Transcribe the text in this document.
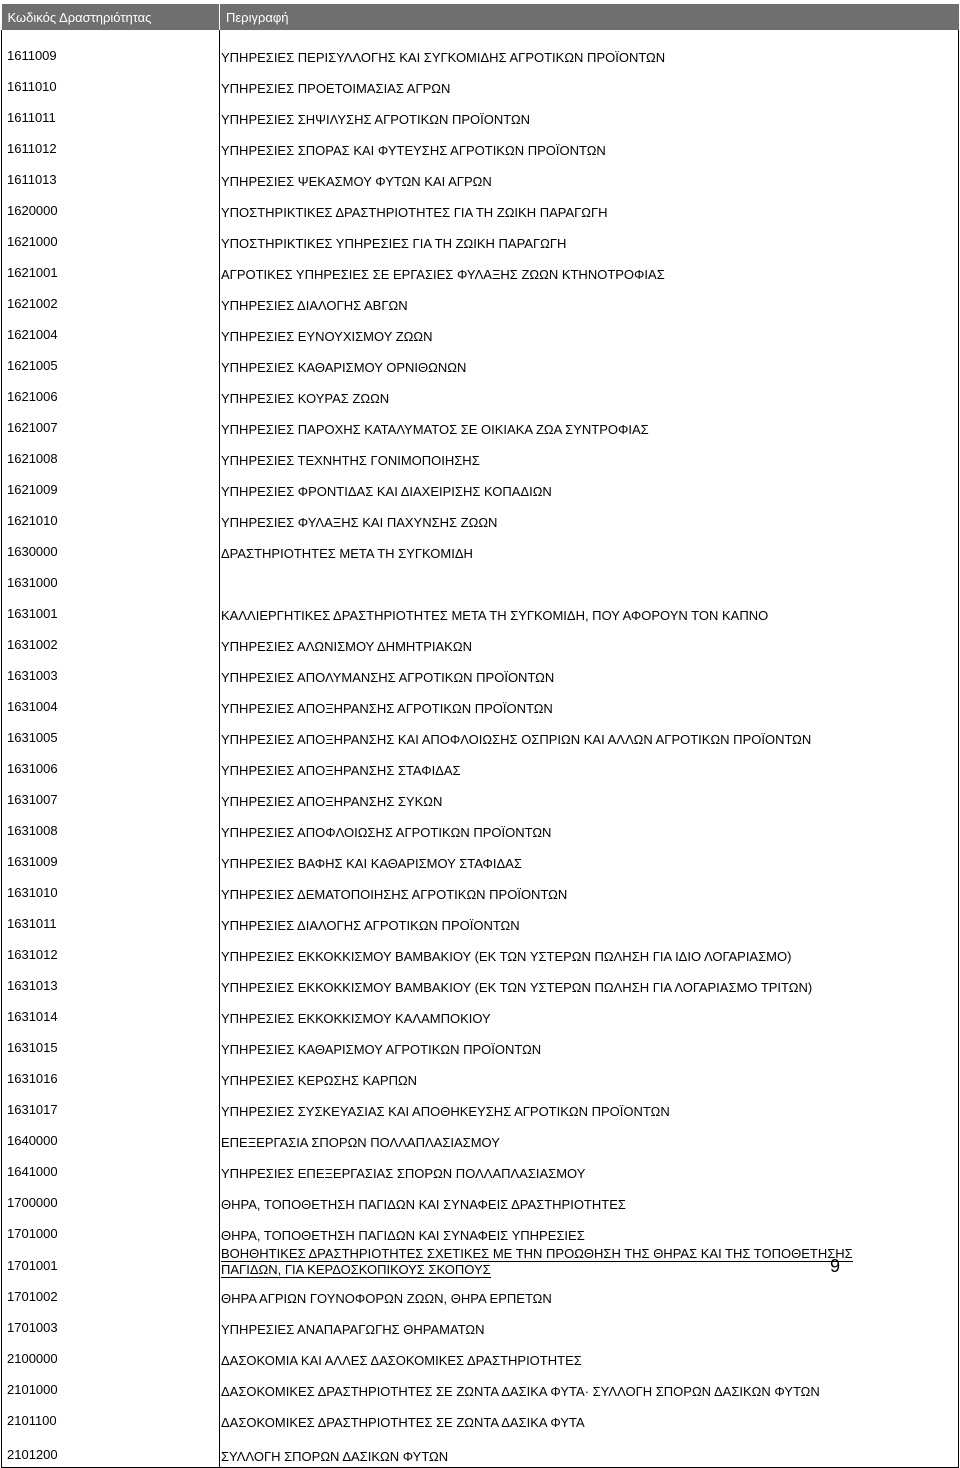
Κωδικός Δραστηριότητας	Περιγραφή

1611009	ΥΠΗΡΕΣΙΕΣ ΠΕΡΙΣΥΛΛΟΓΗΣ ΚΑΙ ΣΥΓΚΟΜΙΔΗΣ ΑΓΡΟΤΙΚΩΝ ΠΡΟΪΟΝΤΩΝ
1611010	ΥΠΗΡΕΣΙΕΣ ΠΡΟΕΤΟΙΜΑΣΙΑΣ ΑΓΡΩΝ
1611011	ΥΠΗΡΕΣΙΕΣ ΣΗΨΙΛΥΣΗΣ ΑΓΡΟΤΙΚΩΝ ΠΡΟΪΟΝΤΩΝ
1611012	ΥΠΗΡΕΣΙΕΣ ΣΠΟΡΑΣ ΚΑΙ ΦΥΤΕΥΣΗΣ ΑΓΡΟΤΙΚΩΝ ΠΡΟΪΟΝΤΩΝ
1611013	ΥΠΗΡΕΣΙΕΣ ΨΕΚΑΣΜΟΥ ΦΥΤΩΝ ΚΑΙ ΑΓΡΩΝ
1620000	ΥΠΟΣΤΗΡΙΚΤΙΚΕΣ ΔΡΑΣΤΗΡΙΟΤΗΤΕΣ ΓΙΑ ΤΗ ΖΩΙΚΗ ΠΑΡΑΓΩΓΗ
1621000	ΥΠΟΣΤΗΡΙΚΤΙΚΕΣ ΥΠΗΡΕΣΙΕΣ ΓΙΑ ΤΗ ΖΩΙΚΗ ΠΑΡΑΓΩΓΗ
1621001	ΑΓΡΟΤΙΚΕΣ ΥΠΗΡΕΣΙΕΣ ΣΕ ΕΡΓΑΣΙΕΣ ΦΥΛΑΞΗΣ ΖΩΩΝ ΚΤΗΝΟΤΡΟΦΙΑΣ
1621002	ΥΠΗΡΕΣΙΕΣ ΔΙΑΛΟΓΗΣ ΑΒΓΩΝ
1621004	ΥΠΗΡΕΣΙΕΣ ΕΥΝΟΥΧΙΣΜΟΥ ΖΩΩΝ
1621005	ΥΠΗΡΕΣΙΕΣ ΚΑΘΑΡΙΣΜΟΥ ΟΡΝΙΘΩΝΩΝ
1621006	ΥΠΗΡΕΣΙΕΣ ΚΟΥΡΑΣ ΖΩΩΝ
1621007	ΥΠΗΡΕΣΙΕΣ ΠΑΡΟΧΗΣ ΚΑΤΑΛΥΜΑΤΟΣ ΣΕ ΟΙΚΙΑΚΑ ΖΩΑ ΣΥΝΤΡΟΦΙΑΣ
1621008	ΥΠΗΡΕΣΙΕΣ ΤΕΧΝΗΤΗΣ ΓΟΝΙΜΟΠΟΙΗΣΗΣ
1621009	ΥΠΗΡΕΣΙΕΣ ΦΡΟΝΤΙΔΑΣ ΚΑΙ ΔΙΑΧΕΙΡΙΣΗΣ ΚΟΠΑΔΙΩΝ
1621010	ΥΠΗΡΕΣΙΕΣ ΦΥΛΑΞΗΣ ΚΑΙ ΠΑΧΥΝΣΗΣ ΖΩΩΝ
1630000	ΔΡΑΣΤΗΡΙΟΤΗΤΕΣ ΜΕΤΑ ΤΗ ΣΥΓΚΟΜΙΔΗ
1631000	
1631001	ΚΑΛΛΙΕΡΓΗΤΙΚΕΣ ΔΡΑΣΤΗΡΙΟΤΗΤΕΣ ΜΕΤΑ ΤΗ ΣΥΓΚΟΜΙΔΗ, ΠΟΥ ΑΦΟΡΟΥΝ ΤΟΝ ΚΑΠΝΟ
1631002	ΥΠΗΡΕΣΙΕΣ ΑΛΩΝΙΣΜΟΥ ΔΗΜΗΤΡΙΑΚΩΝ
1631003	ΥΠΗΡΕΣΙΕΣ ΑΠΟΛΥΜΑΝΣΗΣ ΑΓΡΟΤΙΚΩΝ ΠΡΟΪΟΝΤΩΝ
1631004	ΥΠΗΡΕΣΙΕΣ ΑΠΟΞΗΡΑΝΣΗΣ ΑΓΡΟΤΙΚΩΝ ΠΡΟΪΟΝΤΩΝ
1631005	ΥΠΗΡΕΣΙΕΣ ΑΠΟΞΗΡΑΝΣΗΣ ΚΑΙ ΑΠΟΦΛΟΙΩΣΗΣ ΟΣΠΡΙΩΝ ΚΑΙ ΑΛΛΩΝ ΑΓΡΟΤΙΚΩΝ ΠΡΟΪΟΝΤΩΝ
1631006	ΥΠΗΡΕΣΙΕΣ ΑΠΟΞΗΡΑΝΣΗΣ ΣΤΑΦΙΔΑΣ
1631007	ΥΠΗΡΕΣΙΕΣ ΑΠΟΞΗΡΑΝΣΗΣ ΣΥΚΩΝ
1631008	ΥΠΗΡΕΣΙΕΣ ΑΠΟΦΛΟΙΩΣΗΣ ΑΓΡΟΤΙΚΩΝ ΠΡΟΪΟΝΤΩΝ
1631009	ΥΠΗΡΕΣΙΕΣ ΒΑΦΗΣ ΚΑΙ ΚΑΘΑΡΙΣΜΟΥ ΣΤΑΦΙΔΑΣ
1631010	ΥΠΗΡΕΣΙΕΣ ΔΕΜΑΤΟΠΟΙΗΣΗΣ ΑΓΡΟΤΙΚΩΝ ΠΡΟΪΟΝΤΩΝ
1631011	ΥΠΗΡΕΣΙΕΣ ΔΙΑΛΟΓΗΣ ΑΓΡΟΤΙΚΩΝ ΠΡΟΪΟΝΤΩΝ
1631012	ΥΠΗΡΕΣΙΕΣ ΕΚΚΟΚΚΙΣΜΟΥ ΒΑΜΒΑΚΙΟΥ (ΕΚ ΤΩΝ ΥΣΤΕΡΩΝ ΠΩΛΗΣΗ ΓΙΑ ΙΔΙΟ ΛΟΓΑΡΙΑΣΜΟ)
1631013	ΥΠΗΡΕΣΙΕΣ ΕΚΚΟΚΚΙΣΜΟΥ ΒΑΜΒΑΚΙΟΥ (ΕΚ ΤΩΝ ΥΣΤΕΡΩΝ ΠΩΛΗΣΗ ΓΙΑ ΛΟΓΑΡΙΑΣΜΟ ΤΡΙΤΩΝ)
1631014	ΥΠΗΡΕΣΙΕΣ ΕΚΚΟΚΚΙΣΜΟΥ ΚΑΛΑΜΠΟΚΙΟΥ
1631015	ΥΠΗΡΕΣΙΕΣ ΚΑΘΑΡΙΣΜΟΥ ΑΓΡΟΤΙΚΩΝ ΠΡΟΪΟΝΤΩΝ
1631016	ΥΠΗΡΕΣΙΕΣ ΚΕΡΩΣΗΣ ΚΑΡΠΩΝ
1631017	ΥΠΗΡΕΣΙΕΣ ΣΥΣΚΕΥΑΣΙΑΣ ΚΑΙ ΑΠΟΘΗΚΕΥΣΗΣ ΑΓΡΟΤΙΚΩΝ ΠΡΟΪΟΝΤΩΝ
1640000	ΕΠΕΞΕΡΓΑΣΙΑ ΣΠΟΡΩΝ ΠΟΛΛΑΠΛΑΣΙΑΣΜΟΥ
1641000	ΥΠΗΡΕΣΙΕΣ ΕΠΕΞΕΡΓΑΣΙΑΣ ΣΠΟΡΩΝ ΠΟΛΛΑΠΛΑΣΙΑΣΜΟΥ
1700000	ΘΗΡΑ, ΤΟΠΟΘΕΤΗΣΗ ΠΑΓΙΔΩΝ ΚΑΙ ΣΥΝΑΦΕΙΣ ΔΡΑΣΤΗΡΙΟΤΗΤΕΣ
1701000	ΘΗΡΑ, ΤΟΠΟΘΕΤΗΣΗ ΠΑΓΙΔΩΝ ΚΑΙ ΣΥΝΑΦΕΙΣ ΥΠΗΡΕΣΙΕΣ
1701001	ΒΟΗΘΗΤΙΚΕΣ ΔΡΑΣΤΗΡΙΟΤΗΤΕΣ ΣΧΕΤΙΚΕΣ ΜΕ ΤΗΝ ΠΡΟΩΘΗΣΗ ΤΗΣ ΘΗΡΑΣ ΚΑΙ ΤΗΣ ΤΟΠΟΘΕΤΗΣΗΣ
ΠΑΓΙΔΩΝ, ΓΙΑ ΚΕΡΔΟΣΚΟΠΙΚΟΥΣ ΣΚΟΠΟΥΣ
1701002	ΘΗΡΑ ΑΓΡΙΩΝ ΓΟΥΝΟΦΟΡΩΝ ΖΩΩΝ, ΘΗΡΑ ΕΡΠΕΤΩΝ
1701003	ΥΠΗΡΕΣΙΕΣ ΑΝΑΠΑΡΑΓΩΓΗΣ ΘΗΡΑΜΑΤΩΝ
2100000	ΔΑΣΟΚΟΜΙΑ ΚΑΙ ΑΛΛΕΣ ΔΑΣΟΚΟΜΙΚΕΣ ΔΡΑΣΤΗΡΙΟΤΗΤΕΣ
2101000	ΔΑΣΟΚΟΜΙΚΕΣ ΔΡΑΣΤΗΡΙΟΤΗΤΕΣ ΣΕ ΖΩΝΤΑ ΔΑΣΙΚΑ ΦΥΤΑ· ΣΥΛΛΟΓΗ ΣΠΟΡΩΝ ΔΑΣΙΚΩΝ ΦΥΤΩΝ
2101100	ΔΑΣΟΚΟΜΙΚΕΣ ΔΡΑΣΤΗΡΙΟΤΗΤΕΣ ΣΕ ΖΩΝΤΑ ΔΑΣΙΚΑ ΦΥΤΑ
2101200	ΣΥΛΛΟΓΗ ΣΠΟΡΩΝ ΔΑΣΙΚΩΝ ΦΥΤΩΝ
9
